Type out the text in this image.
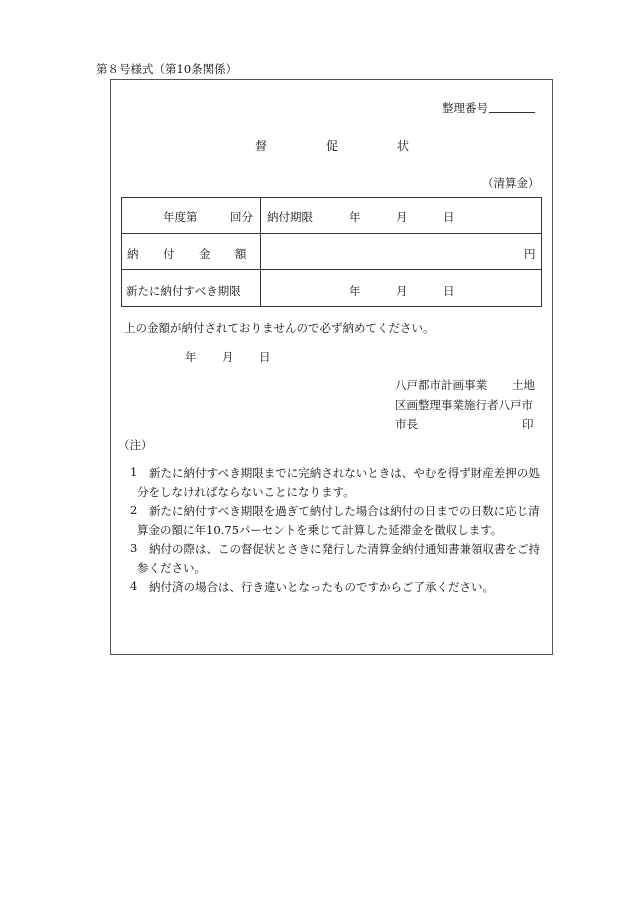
第８号様式（第10条関係）
整理番号
督	促	状
（清算金）
年度第	回分 納付期限	年	月	日
納 付 金 額	円
新たに納付すべき期限	年	月	日
上の金額が納付されておりませんので必ず納めてください。
年 月 日
八戸都市計画事業 土地
区画整理事業施行者八戸市
市長	印
（注）
1 新たに納付すべき期限までに完納されないときは、やむを得ず財産差押の処
分をしなければならないことになります。
2 新たに納付すべき期限を過ぎて納付した場合は納付の日までの日数に応じ清
算金の額に年10.75パーセントを乗じて計算した延滞金を徴収します。
3 納付の際は、この督促状とさきに発行した清算金納付通知書兼領収書をご持
参ください。
4 納付済の場合は、行き違いとなったものですからご了承ください。
